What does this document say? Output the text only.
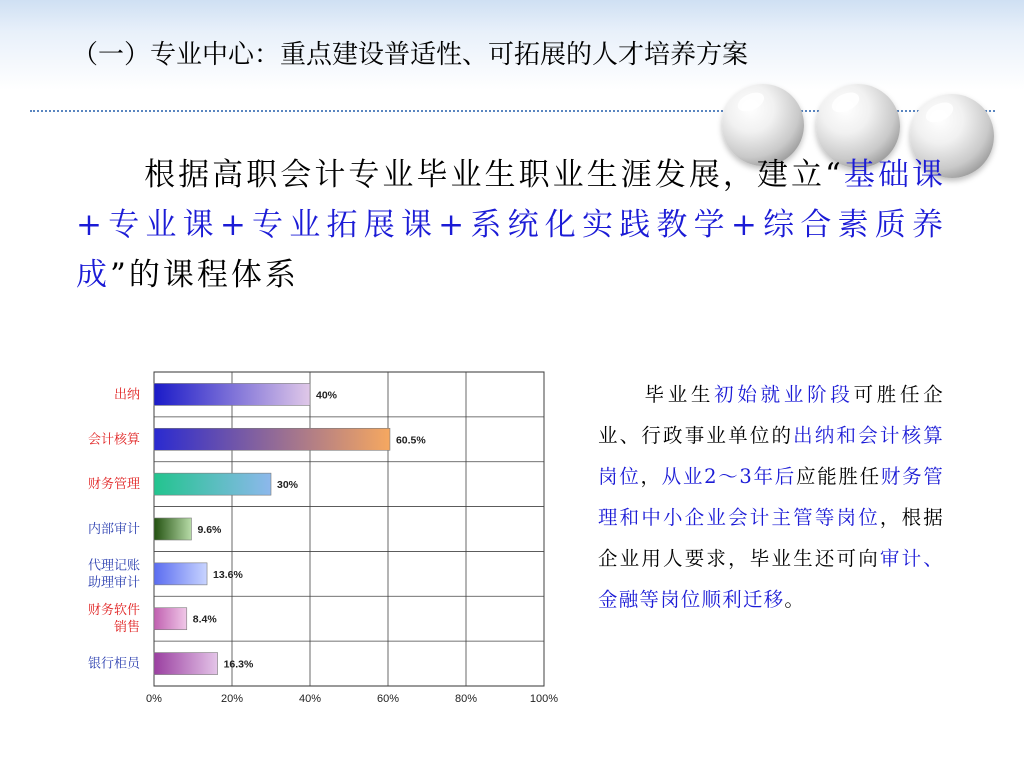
（一）专业中心：重点建设普适性、可拓展的人才培养方案
　　根据高职会计专业毕业生职业生涯发展，建立“基础课+专业课+专业拓展课+系统化实践教学+综合素质养成”的课程体系
40%
60.5%
30%
9.6%
13.6%
8.4%
16.3%
出纳
会计核算
财务管理
内部审计
代理记账
助理审计
财务软件
销售
银行柜员
0%	20%	40%	60%	80%	100%
　　毕业生初始就业阶段可胜任企业、行政事业单位的出纳和会计核算岗位，从业2～3年后应能胜任财务管理和中小企业会计主管等岗位，根据企业用人要求，毕业生还可向审计、金融等岗位顺利迁移。
